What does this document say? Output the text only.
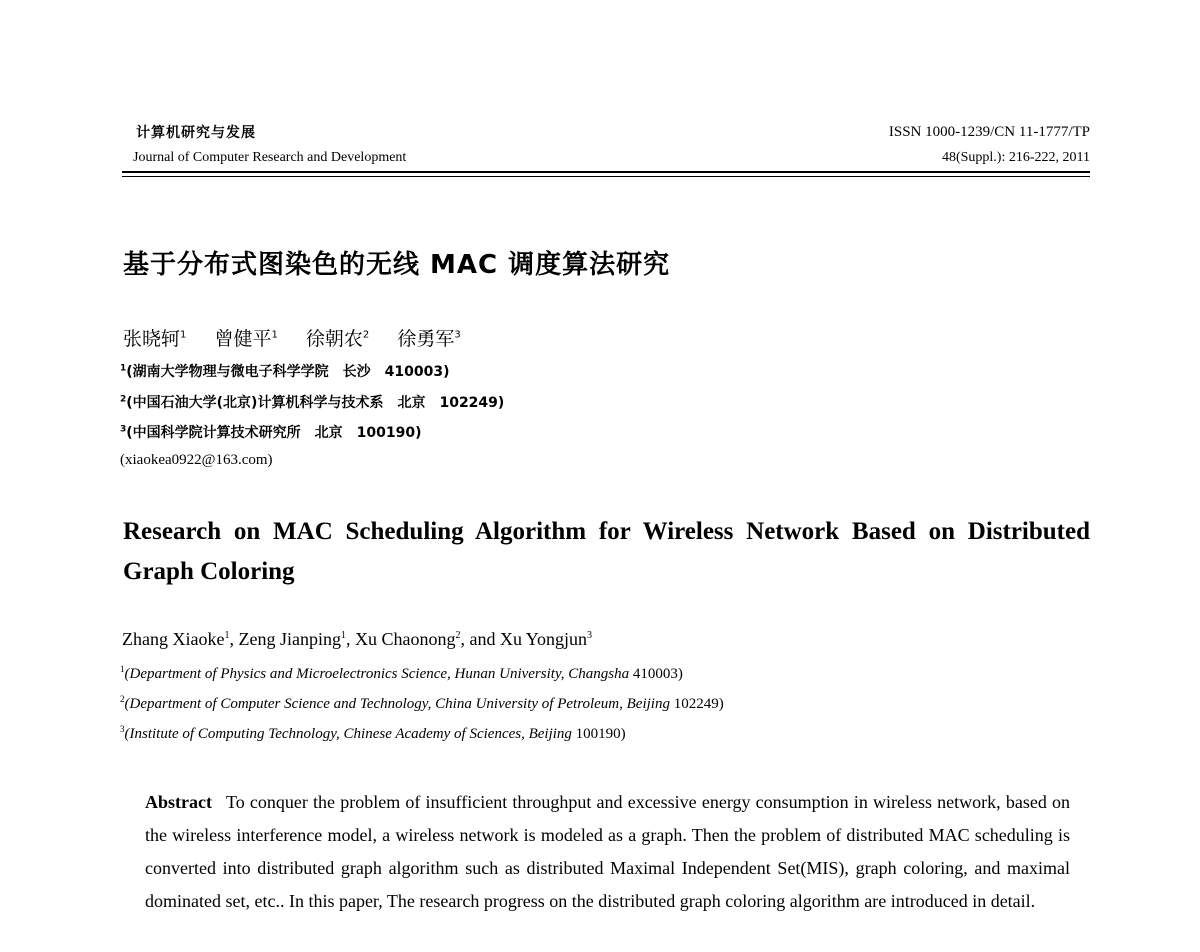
计算机研究与发展
Journal of Computer Research and Development
ISSN 1000-1239/CN 11-1777/TP
48(Suppl.): 216-222, 2011
基于分布式图染色的无线 MAC 调度算法研究
张晓轲$^1$ 曾健平$^1$ 徐朝农$^2$ 徐勇军$^3$
$^1$(湖南大学物理与微电子科学学院　长沙　410003)
$^2$(中国石油大学(北京)计算机科学与技术系　北京　102249)
$^3$(中国科学院计算技术研究所　北京　100190)
(xiaokea0922@163.com)
Research on MAC Scheduling Algorithm for Wireless Network Based on Distributed Graph Coloring
Zhang Xiaoke$^1$, Zeng Jianping$^1$, Xu Chaonong$^2$, and Xu Yongjun$^3$
$^1$(Department of Physics and Microelectronics Science, Hunan University, Changsha 410003)
$^2$(Department of Computer Science and Technology, China University of Petroleum, Beijing 102249)
$^3$(Institute of Computing Technology, Chinese Academy of Sciences, Beijing 100190)
Abstract To conquer the problem of insufficient throughput and excessive energy consumption in wireless network, based on the wireless interference model, a wireless network is modeled as a graph. Then the problem of distributed MAC scheduling is converted into distributed graph algorithm such as distributed Maximal Independent Set(MIS), graph coloring, and maximal dominated set, etc.. In this paper, The research progress on the distributed graph coloring algorithm are introduced in detail.
